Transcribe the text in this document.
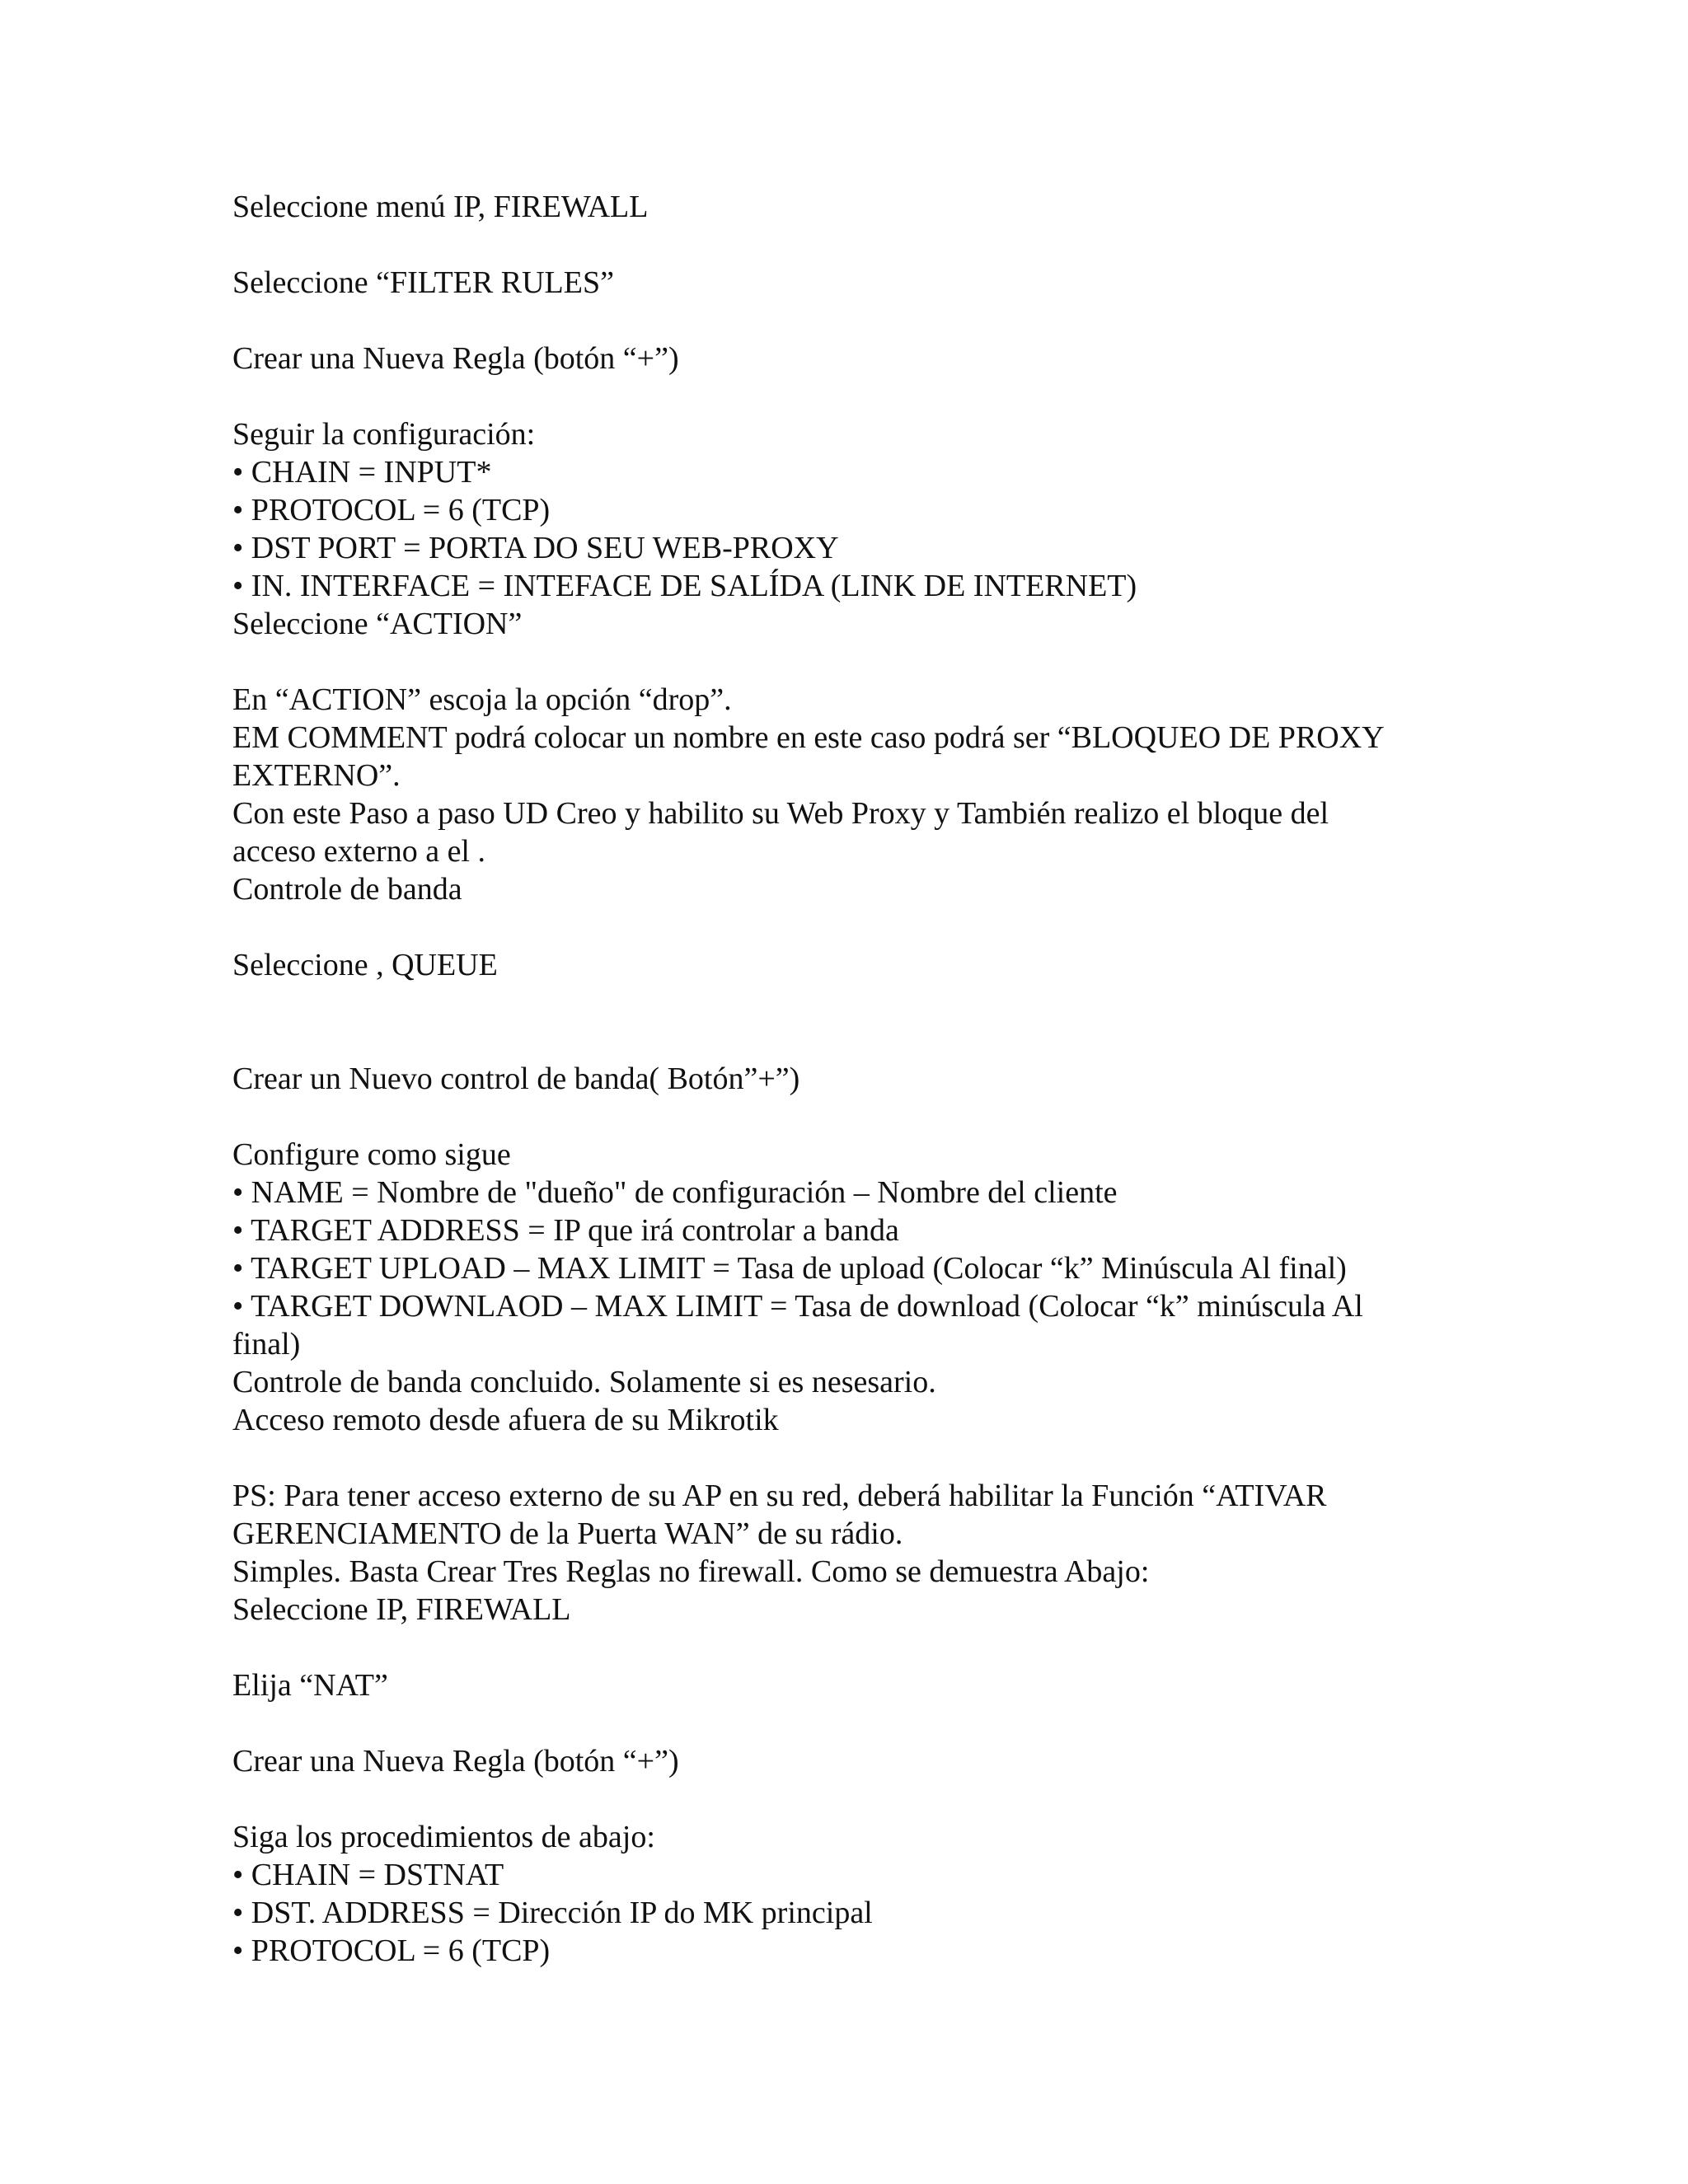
Seleccione menú IP, FIREWALL
Seleccione “FILTER RULES”
Crear una Nueva Regla (botón “+”)
Seguir la configuración:
• CHAIN = INPUT*
• PROTOCOL = 6 (TCP)
• DST PORT = PORTA DO SEU WEB-PROXY
• IN. INTERFACE = INTEFACE DE SALÍDA (LINK DE INTERNET)
Seleccione “ACTION”
En “ACTION” escoja la opción “drop”.
EM COMMENT podrá colocar un nombre en este caso podrá ser “BLOQUEO DE PROXY
EXTERNO”.
Con este Paso a paso UD Creo y habilito su Web Proxy y También realizo el bloque del
acceso externo a el .
Controle de banda
Seleccione , QUEUE
Crear un Nuevo control de banda( Botón”+”)
Configure como sigue
• NAME = Nombre de "dueño" de configuración – Nombre del cliente
• TARGET ADDRESS = IP que irá controlar a banda
• TARGET UPLOAD – MAX LIMIT = Tasa de upload (Colocar “k” Minúscula Al final)
• TARGET DOWNLAOD – MAX LIMIT = Tasa de download (Colocar “k” minúscula Al
final)
Controle de banda concluido. Solamente si es nesesario.
Acceso remoto desde afuera de su Mikrotik
PS: Para tener acceso externo de su AP en su red, deberá habilitar la Función “ATIVAR
GERENCIAMENTO de la Puerta WAN” de su rádio.
Simples. Basta Crear Tres Reglas no firewall. Como se demuestra Abajo:
Seleccione IP, FIREWALL
Elija “NAT”
Crear una Nueva Regla (botón “+”)
Siga los procedimientos de abajo:
• CHAIN = DSTNAT
• DST. ADDRESS = Dirección IP do MK principal
• PROTOCOL = 6 (TCP)
